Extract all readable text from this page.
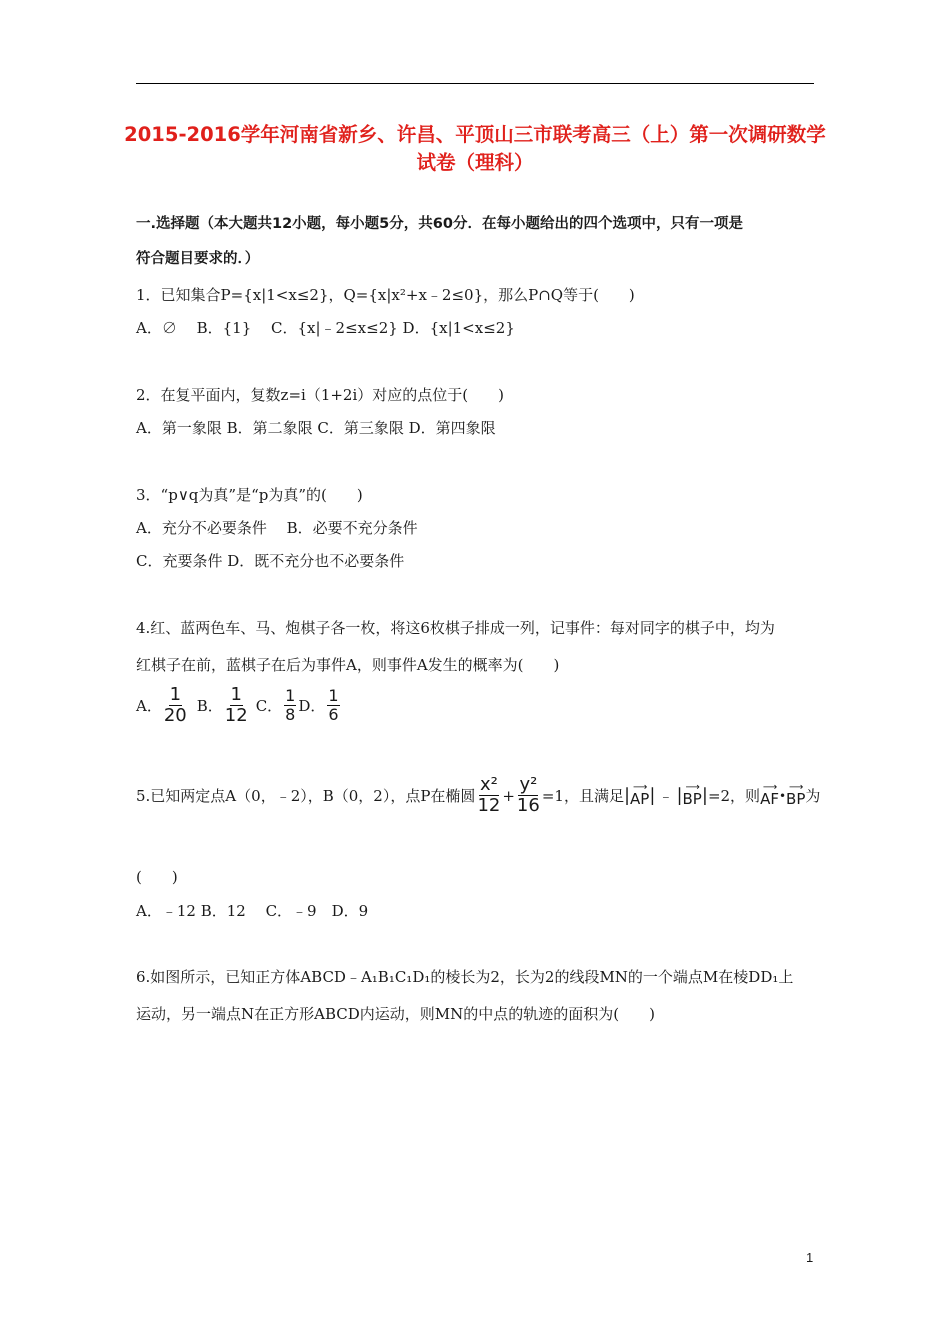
2015-2016学年河南省新乡、许昌、平顶山三市联考高三（上）第一次调研数学试卷（理科）
一.选择题（本大题共12小题，每小题5分，共60分．在每小题给出的四个选项中，只有一项是
符合题目要求的．）
1．已知集合P={x|1<x≤2}，Q={x|x²+x﹣2≤0}，那么P∩Q等于(　　)
A．∅　 B．{1}　 C．{x|﹣2≤x≤2} D．{x|1<x≤2}
2．在复平面内，复数z=i（1+2i）对应的点位于(　　)
A．第一象限 B．第二象限 C．第三象限 D．第四象限
3．“p∨q为真”是“p为真”的(　　)
A．充分不必要条件　 B．必要不充分条件
C．充要条件 D．既不充分也不必要条件
4.红、蓝两色车、马、炮棋子各一枚，将这6枚棋子排成一列，记事件：每对同字的棋子中，均为
红棋子在前，蓝棋子在后为事件A，则事件A发生的概率为(　　)
A． $\frac{1}{20}$ B． $\frac{1}{12}$ C． $\frac{1}{8}$ D． $\frac{1}{6}$
5.已知两定点A（0，﹣2），B（0，2），点P在椭圆 $\frac{\text{x²}}{12} + \frac{\text{y²}}{16} =1$，且满足 | ⟶
AP | ﹣ | ⟶
BP | =2，则 ⟶
AF •
⟶
BP 为
(　　)
A．﹣12 B．12　 C．﹣9　D．9
6.如图所示，已知正方体ABCD﹣A₁B₁C₁D₁的棱长为2，长为2的线段MN的一个端点M在棱DD₁上
运动，另一端点N在正方形ABCD内运动，则MN的中点的轨迹的面积为(　　)
1
